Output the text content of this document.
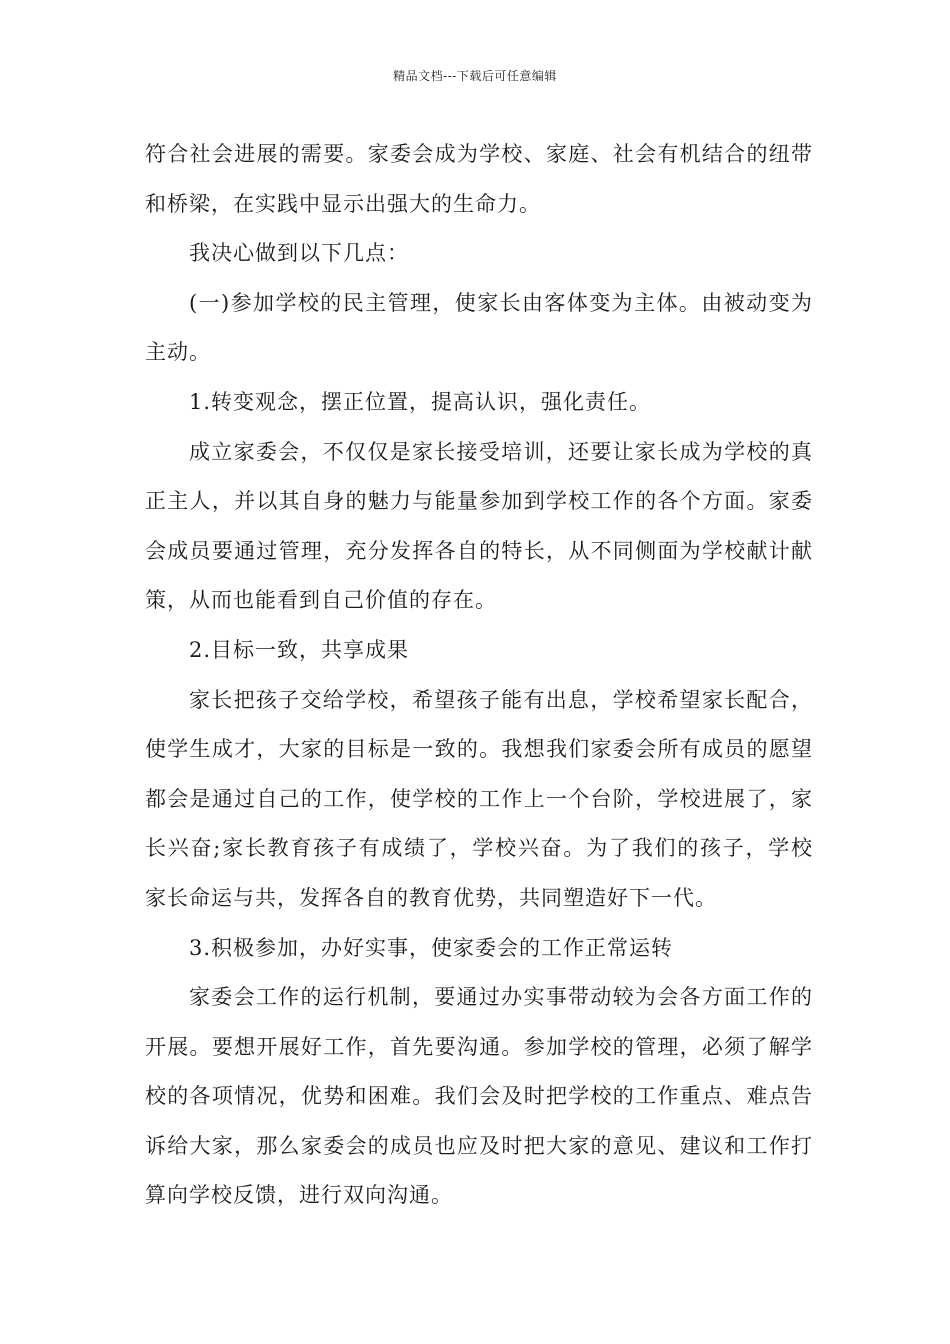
精品文档---下载后可任意编辑

符合社会进展的需要。家委会成为学校、家庭、社会有机结合的纽带和桥梁，在实践中显示出强大的生命力。

我决心做到以下几点：

(一)参加学校的民主管理，使家长由客体变为主体。由被动变为主动。

1.转变观念，摆正位置，提高认识，强化责任。

成立家委会，不仅仅是家长接受培训，还要让家长成为学校的真正主人，并以其自身的魅力与能量参加到学校工作的各个方面。家委会成员要通过管理，充分发挥各自的特长，从不同侧面为学校献计献策，从而也能看到自己价值的存在。

2.目标一致，共享成果

家长把孩子交给学校，希望孩子能有出息，学校希望家长配合，使学生成才，大家的目标是一致的。我想我们家委会所有成员的愿望都会是通过自己的工作，使学校的工作上一个台阶，学校进展了，家长兴奋;家长教育孩子有成绩了，学校兴奋。为了我们的孩子，学校家长命运与共，发挥各自的教育优势，共同塑造好下一代。

3.积极参加，办好实事，使家委会的工作正常运转

家委会工作的运行机制，要通过办实事带动较为会各方面工作的开展。要想开展好工作，首先要沟通。参加学校的管理，必须了解学校的各项情况，优势和困难。我们会及时把学校的工作重点、难点告诉给大家，那么家委会的成员也应及时把大家的意见、建议和工作打算向学校反馈，进行双向沟通。
